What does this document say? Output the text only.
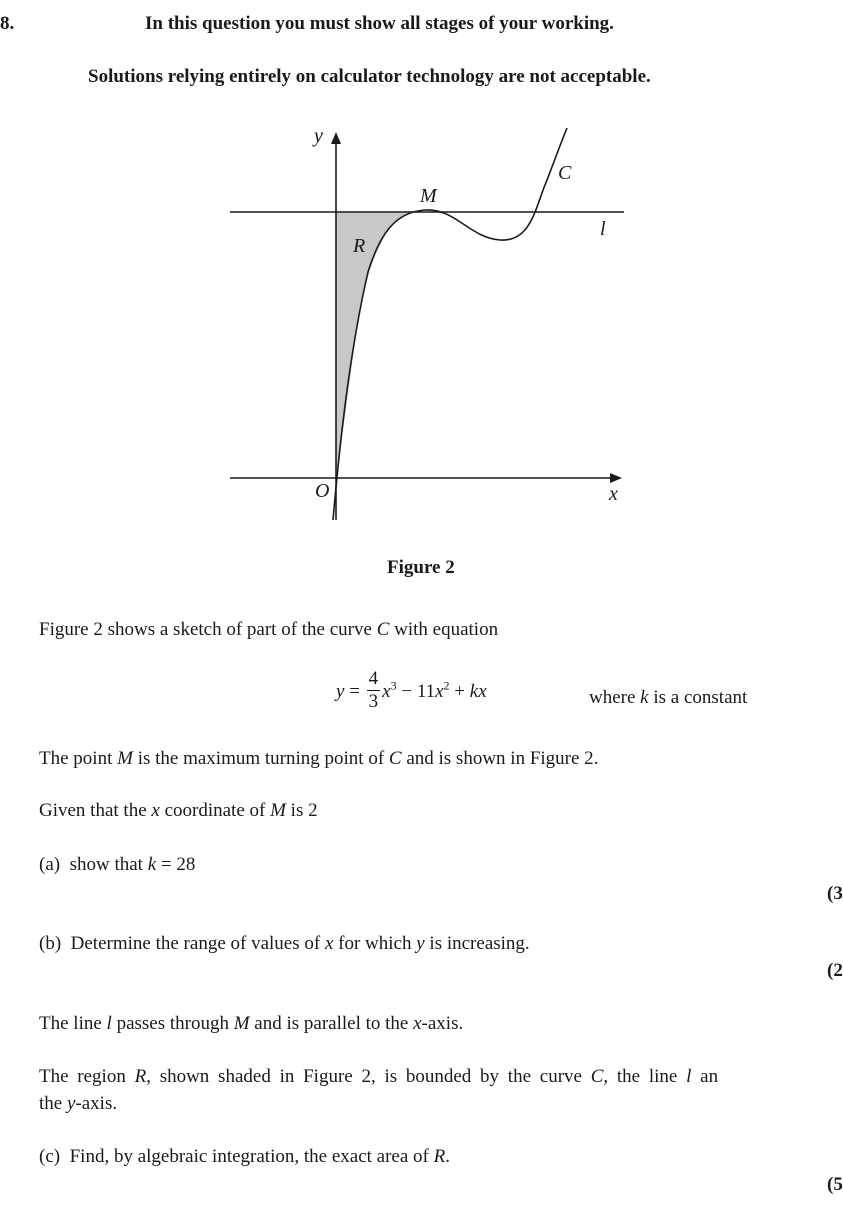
8.	In this question you must show all stages of your working.
Solutions relying entirely on calculator technology are not acceptable.
y
x
O
C
M
l
R
Figure 2
Figure 2 shows a sketch of part of the curve C with equation
$y = \frac{4}{3} x^3 - 11x^2$ + kx	where k is a constant
The point M is the maximum turning point of C and is shown in Figure 2.
Given that the x coordinate of M is 2
(a) show that k = 28
(3
(b) Determine the range of values of x for which y is increasing.
(2
The line l passes through M and is parallel to the x-axis.
The region R, shown shaded in Figure 2, is bounded by the curve C, the line l an
the y-axis.
(c) Find, by algebraic integration, the exact area of R.
(5
